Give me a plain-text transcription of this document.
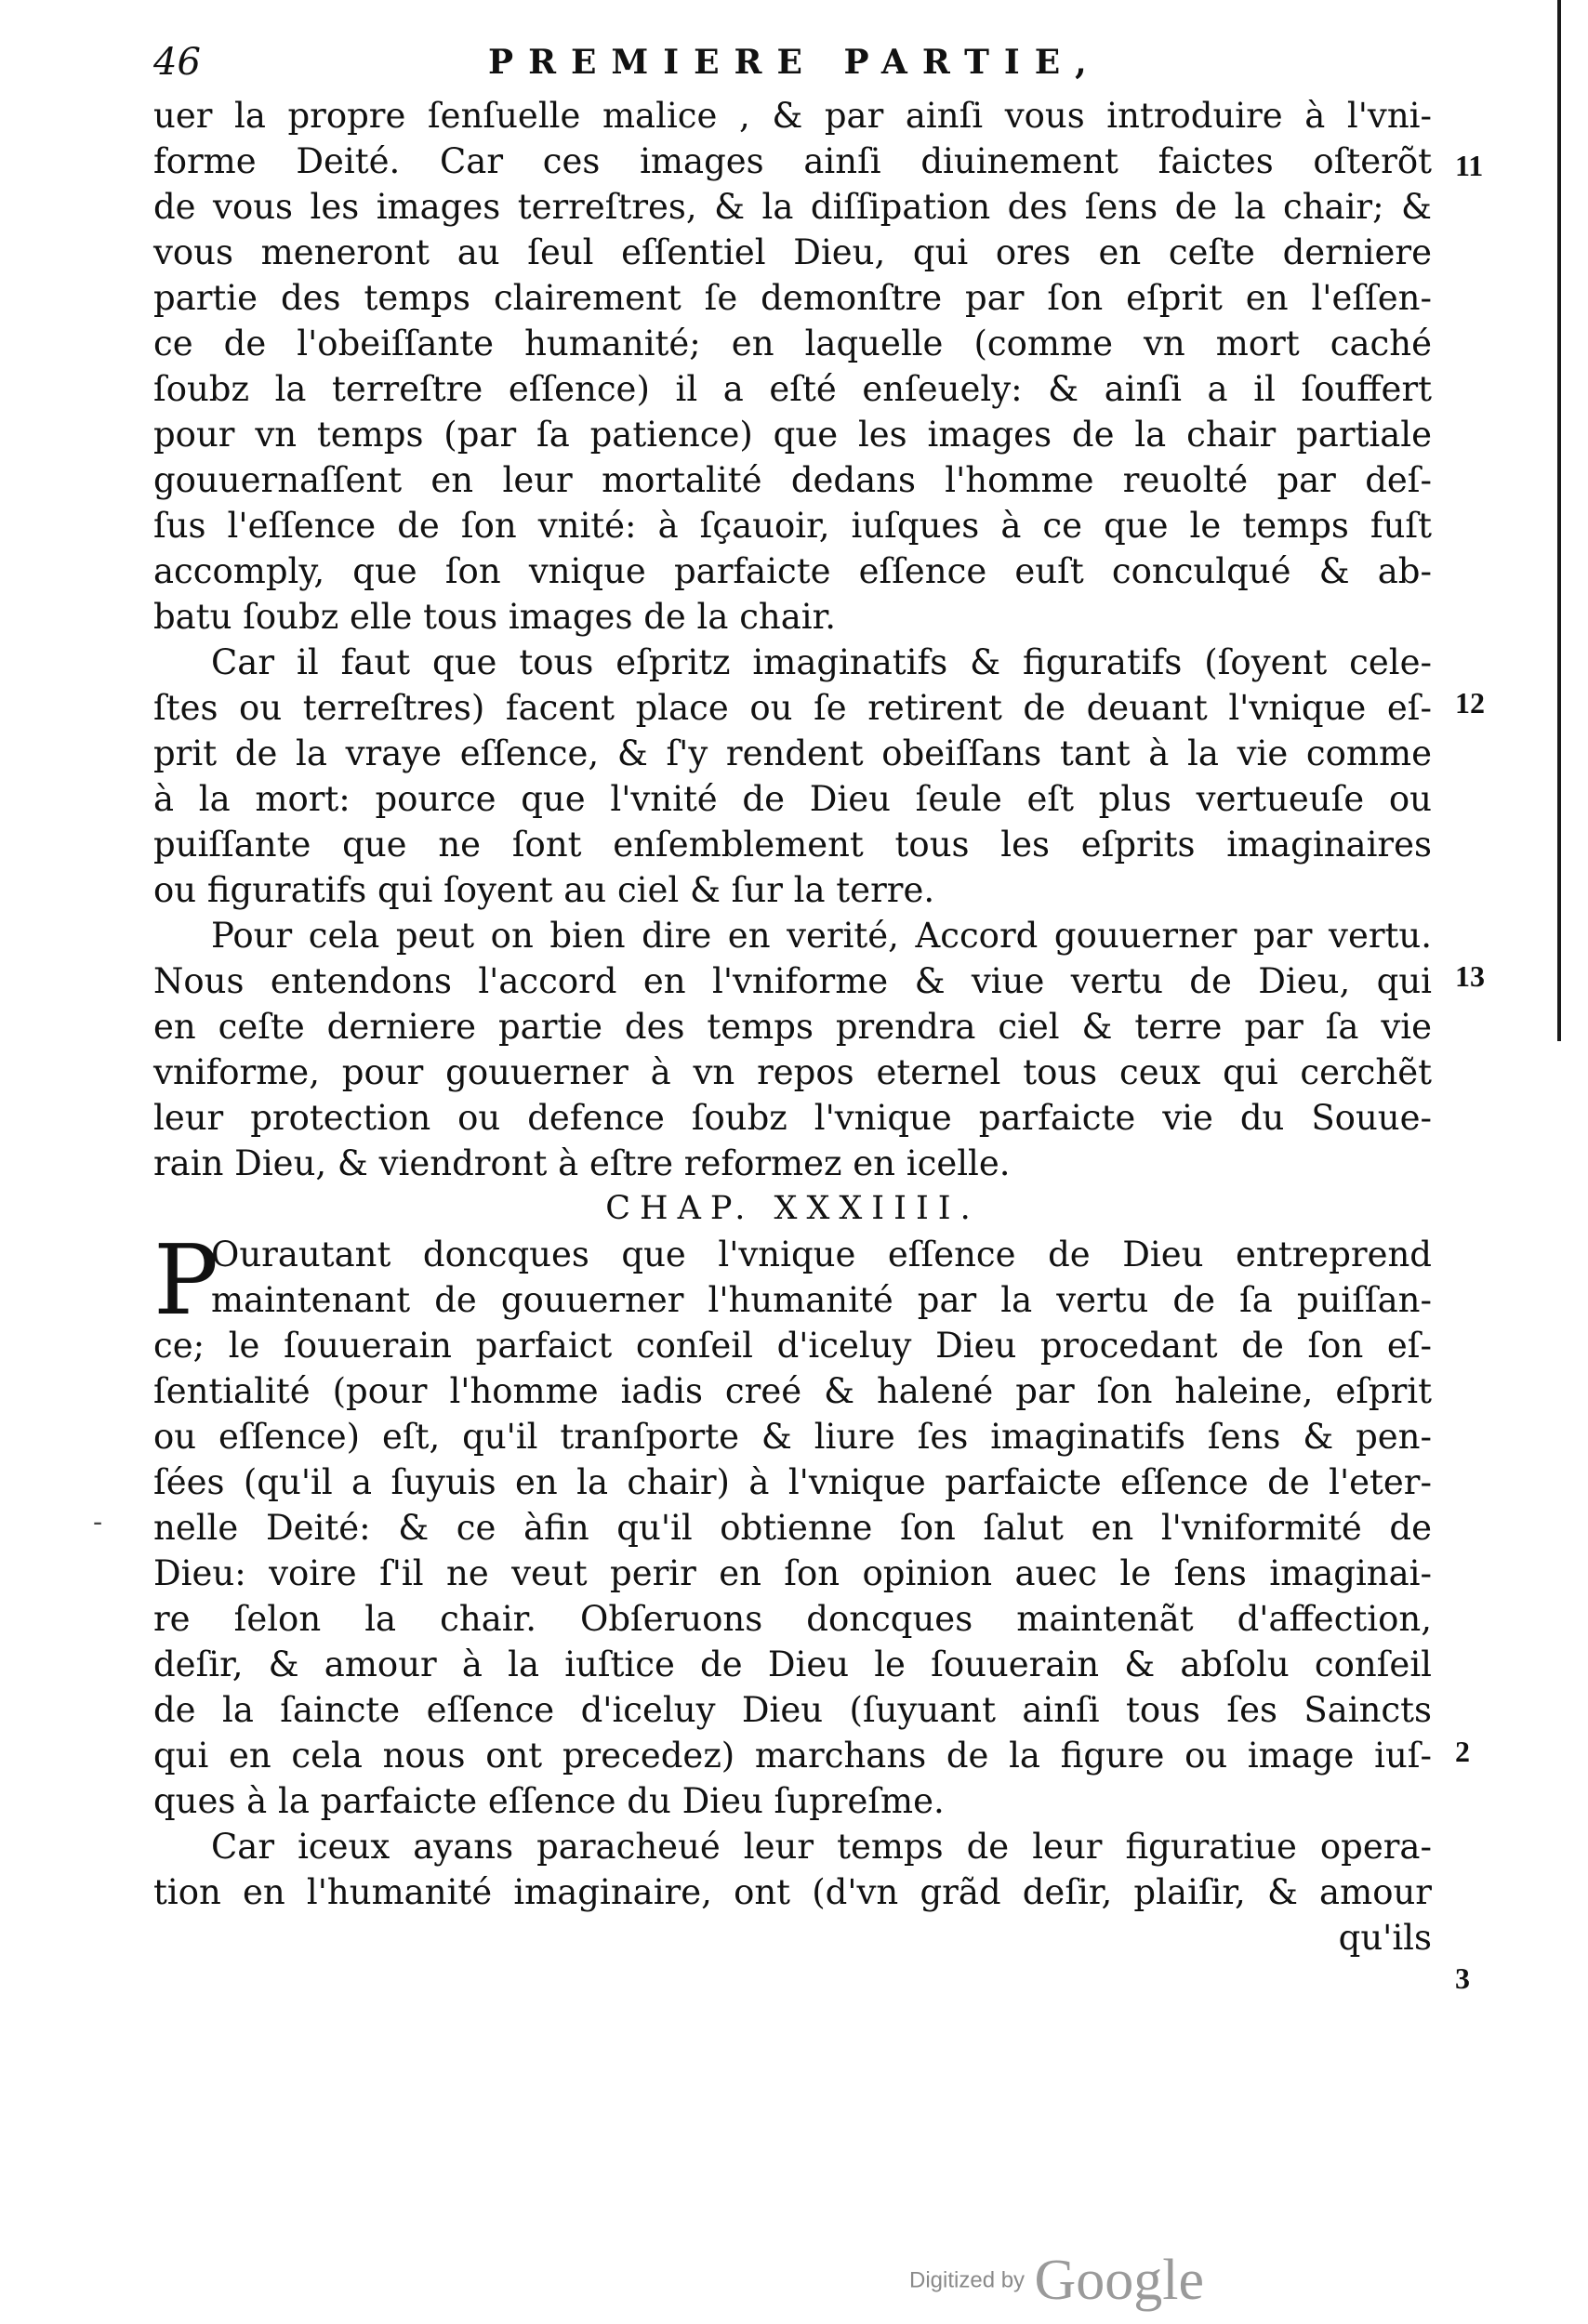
46	PREMIERE PARTIE,
uer la propre ſenſuelle malice , & par ainſi vous introduire à l'vni-
forme Deité. Car ces images ainſi diuinement faictes oſterõt
de vous les images terreſtres, & la diſſipation des ſens de la chair; &
vous meneront au ſeul eſſentiel Dieu, qui ores en ceſte derniere
partie des temps clairement ſe demonſtre par ſon eſprit en l'eſſen-
ce de l'obeiſſante humanité; en laquelle (comme vn mort caché
ſoubz la terreſtre eſſence) il a eſté enſeuely: & ainſi a il ſouffert
pour vn temps (par ſa patience) que les images de la chair partiale
gouuernaſſent en leur mortalité dedans l'homme reuolté par deſ-
ſus l'eſſence de ſon vnité: à ſçauoir, iuſques à ce que le temps fuſt
accomply, que ſon vnique parfaicte eſſence euſt conculqué & ab-
batu ſoubz elle tous images de la chair.
Car il faut que tous eſpritz imaginatifs & figuratifs (ſoyent cele-
ſtes ou terreſtres) facent place ou ſe retirent de deuant l'vnique eſ-
prit de la vraye eſſence, & ſ'y rendent obeiſſans tant à la vie comme
à la mort: pource que l'vnité de Dieu ſeule eſt plus vertueuſe ou
puiſſante que ne ſont enſemblement tous les eſprits imaginaires
ou figuratifs qui ſoyent au ciel & ſur la terre.
Pour cela peut on bien dire en verité, Accord gouuerner par vertu.
Nous entendons l'accord en l'vniforme & viue vertu de Dieu, qui
en ceſte derniere partie des temps prendra ciel & terre par ſa vie
vniforme, pour gouuerner à vn repos eternel tous ceux qui cerchẽt
leur protection ou defence ſoubz l'vnique parfaicte vie du Souue-
rain Dieu, & viendront à eſtre reformez en icelle.
CHAP. XXXIIII.
P
Ourautant doncques que l'vnique eſſence de Dieu entreprend
maintenant de gouuerner l'humanité par la vertu de ſa puiſſan-
ce; le ſouuerain parfaict conſeil d'iceluy Dieu procedant de ſon eſ-
ſentialité (pour l'homme iadis creé & halené par ſon haleine, eſprit
ou eſſence) eſt, qu'il tranſporte & liure ſes imaginatifs ſens & pen-
ſées (qu'il a ſuyuis en la chair) à l'vnique parfaicte eſſence de l'eter-
nelle Deité: & ce àfin qu'il obtienne ſon ſalut en l'vniformité de
Dieu: voire ſ'il ne veut perir en ſon opinion auec le ſens imaginai-
re ſelon la chair. Obſeruons doncques maintenãt d'affection,
deſir, & amour à la iuſtice de Dieu le ſouuerain & abſolu conſeil
de la ſaincte eſſence d'iceluy Dieu (ſuyuant ainſi tous ſes Saincts
qui en cela nous ont precedez) marchans de la figure ou image iuſ-
ques à la parfaicte eſſence du Dieu ſupreſme.
Car iceux ayans paracheué leur temps de leur figuratiue opera-
tion en l'humanité imaginaire, ont (d'vn grãd deſir, plaiſir, & amour
qu'ils
11
12
13
2
3
-
Digitized by Google
